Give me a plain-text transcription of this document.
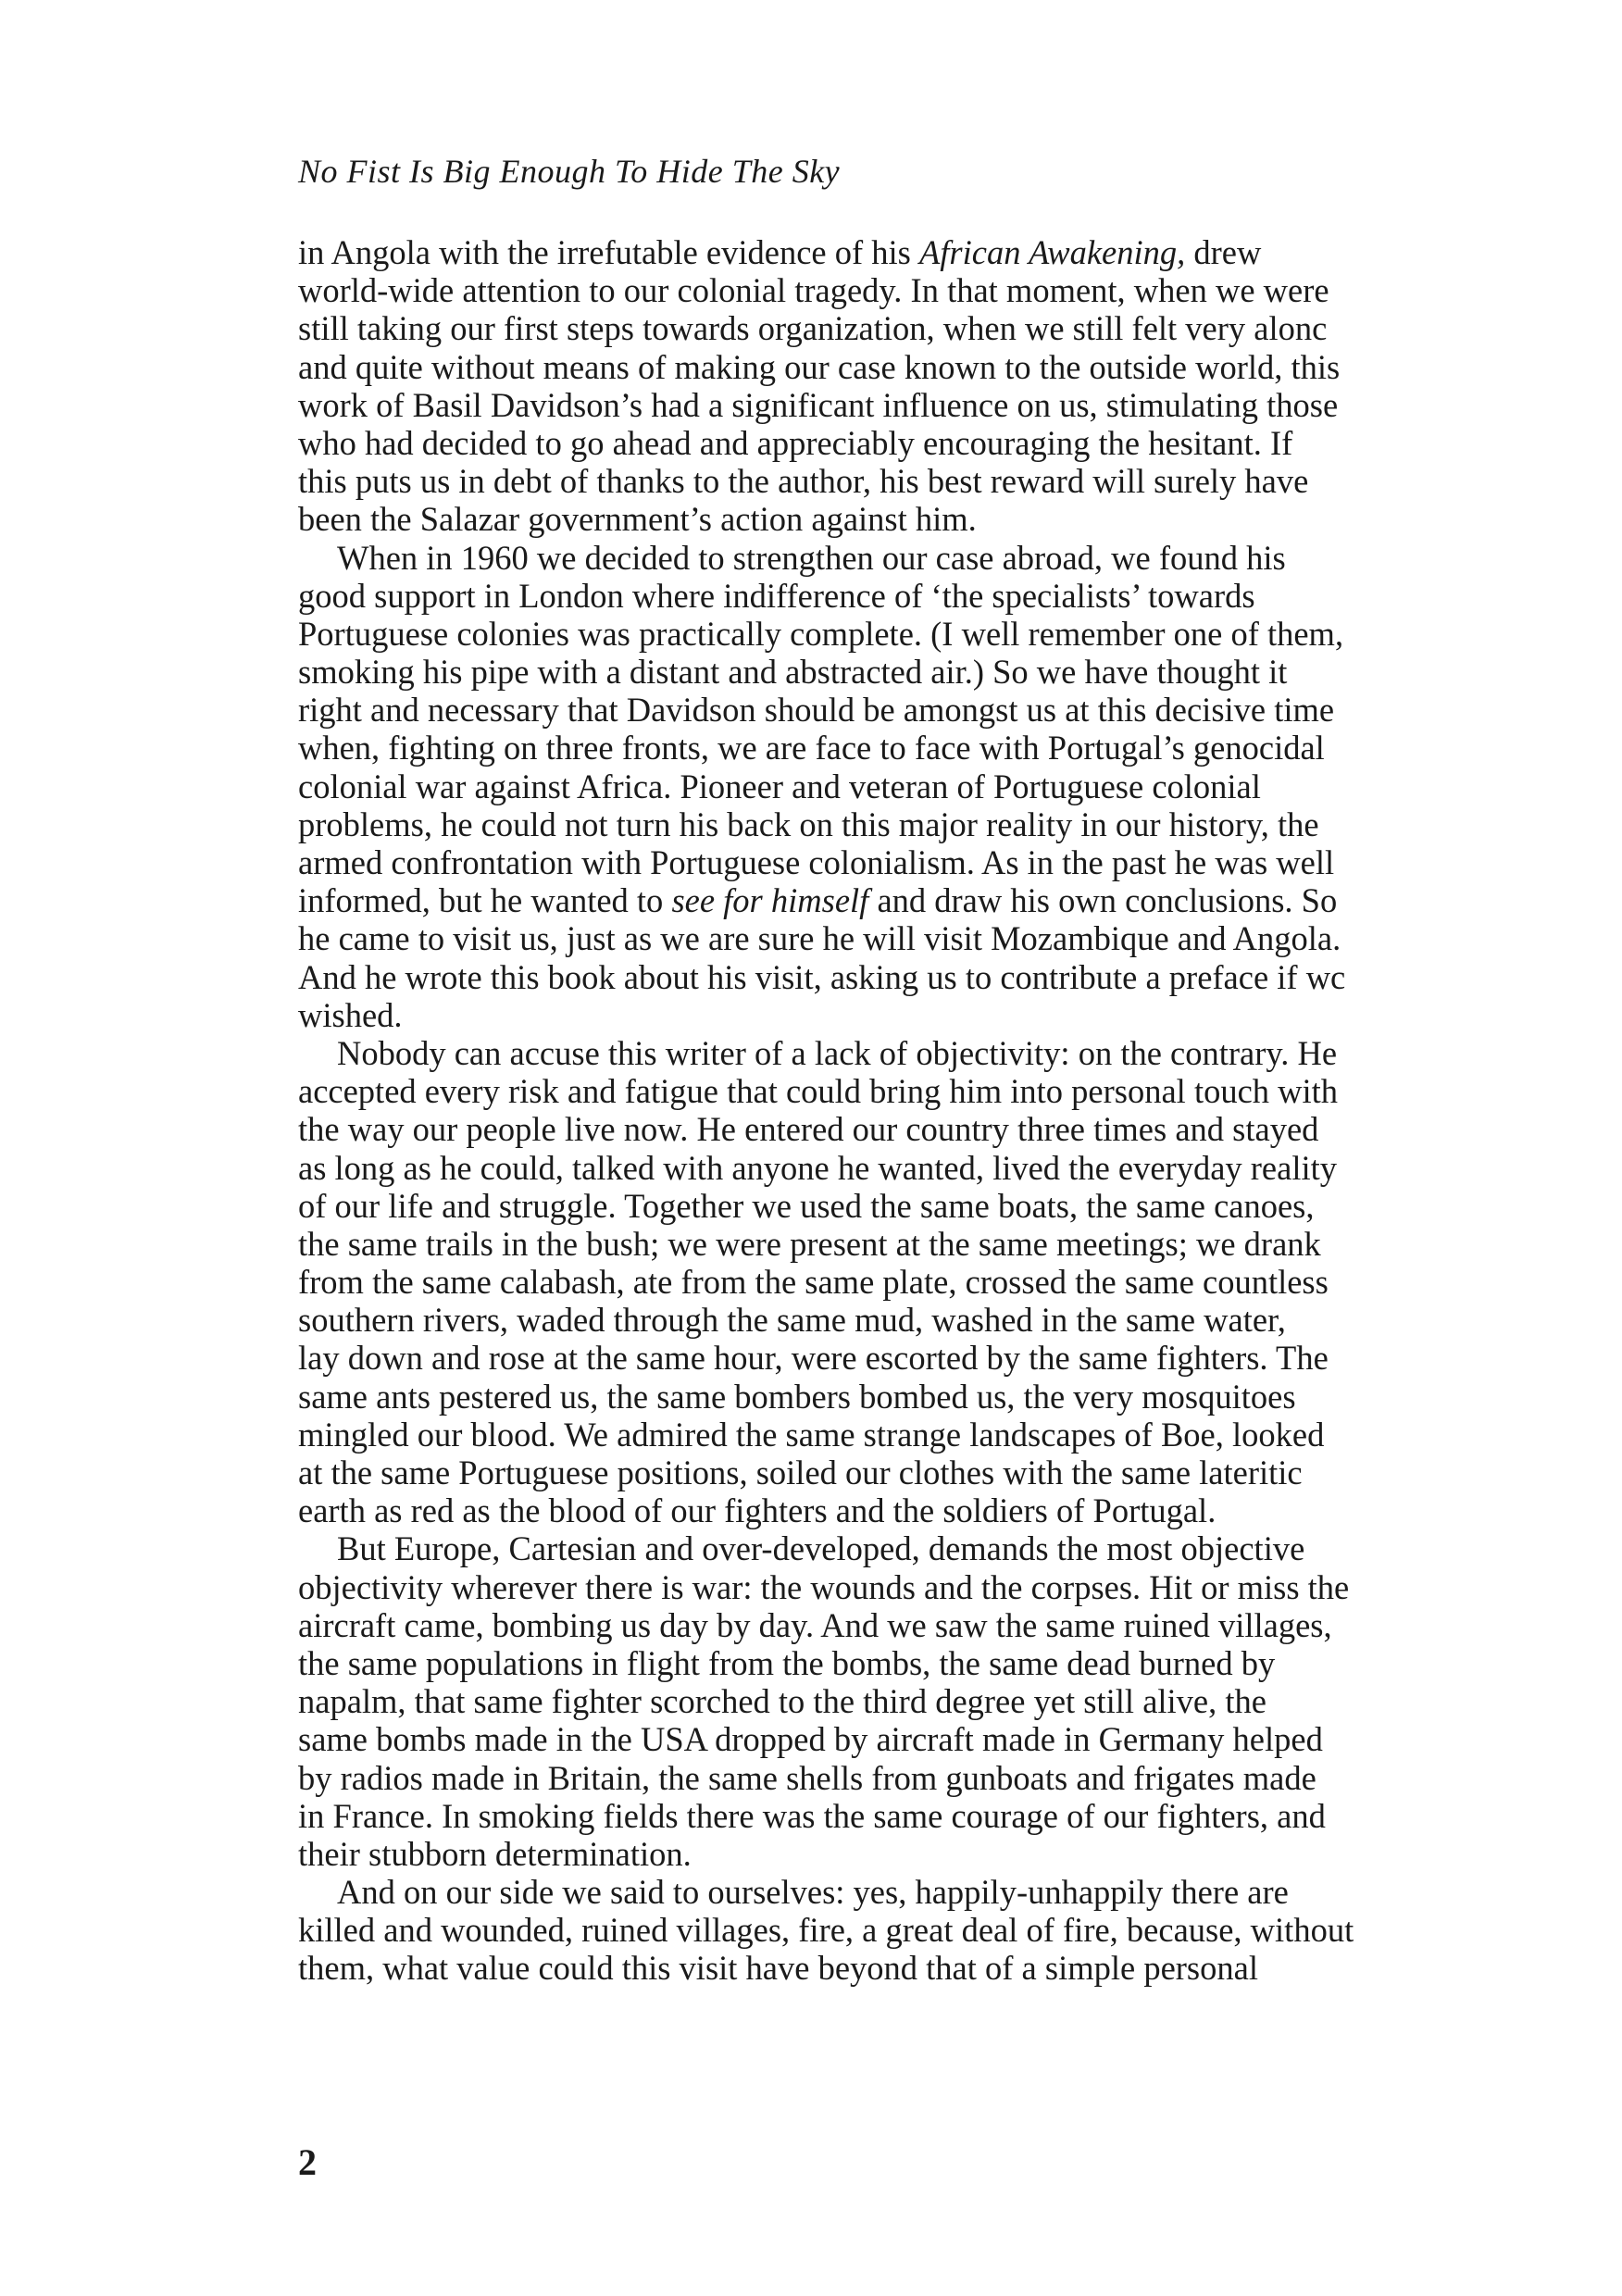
No Fist Is Big Enough To Hide The Sky
in Angola with the irrefutable evidence of his African Awakening, drew
world-wide attention to our colonial tragedy. In that moment, when we were
still taking our first steps towards organization, when we still felt very alonc
and quite without means of making our case known to the outside world, this
work of Basil Davidson’s had a significant influence on us, stimulating those
who had decided to go ahead and appreciably encouraging the hesitant. If
this puts us in debt of thanks to the author, his best reward will surely have
been the Salazar government’s action against him.
When in 1960 we decided to strengthen our case abroad, we found his
good support in London where indifference of ‘the specialists’ towards
Portuguese colonies was practically complete. (I well remember one of them,
smoking his pipe with a distant and abstracted air.) So we have thought it
right and necessary that Davidson should be amongst us at this decisive time
when, fighting on three fronts, we are face to face with Portugal’s genocidal
colonial war against Africa. Pioneer and veteran of Portuguese colonial
problems, he could not turn his back on this major reality in our history, the
armed confrontation with Portuguese colonialism. As in the past he was well
informed, but he wanted to see for himself and draw his own conclusions. So
he came to visit us, just as we are sure he will visit Mozambique and Angola.
And he wrote this book about his visit, asking us to contribute a preface if wc
wished.
Nobody can accuse this writer of a lack of objectivity: on the contrary. He
accepted every risk and fatigue that could bring him into personal touch with
the way our people live now. He entered our country three times and stayed
as long as he could, talked with anyone he wanted, lived the everyday reality
of our life and struggle. Together we used the same boats, the same canoes,
the same trails in the bush; we were present at the same meetings; we drank
from the same calabash, ate from the same plate, crossed the same countless
southern rivers, waded through the same mud, washed in the same water,
lay down and rose at the same hour, were escorted by the same fighters. The
same ants pestered us, the same bombers bombed us, the very mosquitoes
mingled our blood. We admired the same strange landscapes of Boe, looked
at the same Portuguese positions, soiled our clothes with the same lateritic
earth as red as the blood of our fighters and the soldiers of Portugal.
But Europe, Cartesian and over-developed, demands the most objective
objectivity wherever there is war: the wounds and the corpses. Hit or miss the
aircraft came, bombing us day by day. And we saw the same ruined villages,
the same populations in flight from the bombs, the same dead burned by
napalm, that same fighter scorched to the third degree yet still alive, the
same bombs made in the USA dropped by aircraft made in Germany helped
by radios made in Britain, the same shells from gunboats and frigates made
in France. In smoking fields there was the same courage of our fighters, and
their stubborn determination.
And on our side we said to ourselves: yes, happily-unhappily there are
killed and wounded, ruined villages, fire, a great deal of fire, because, without
them, what value could this visit have beyond that of a simple personal
2
